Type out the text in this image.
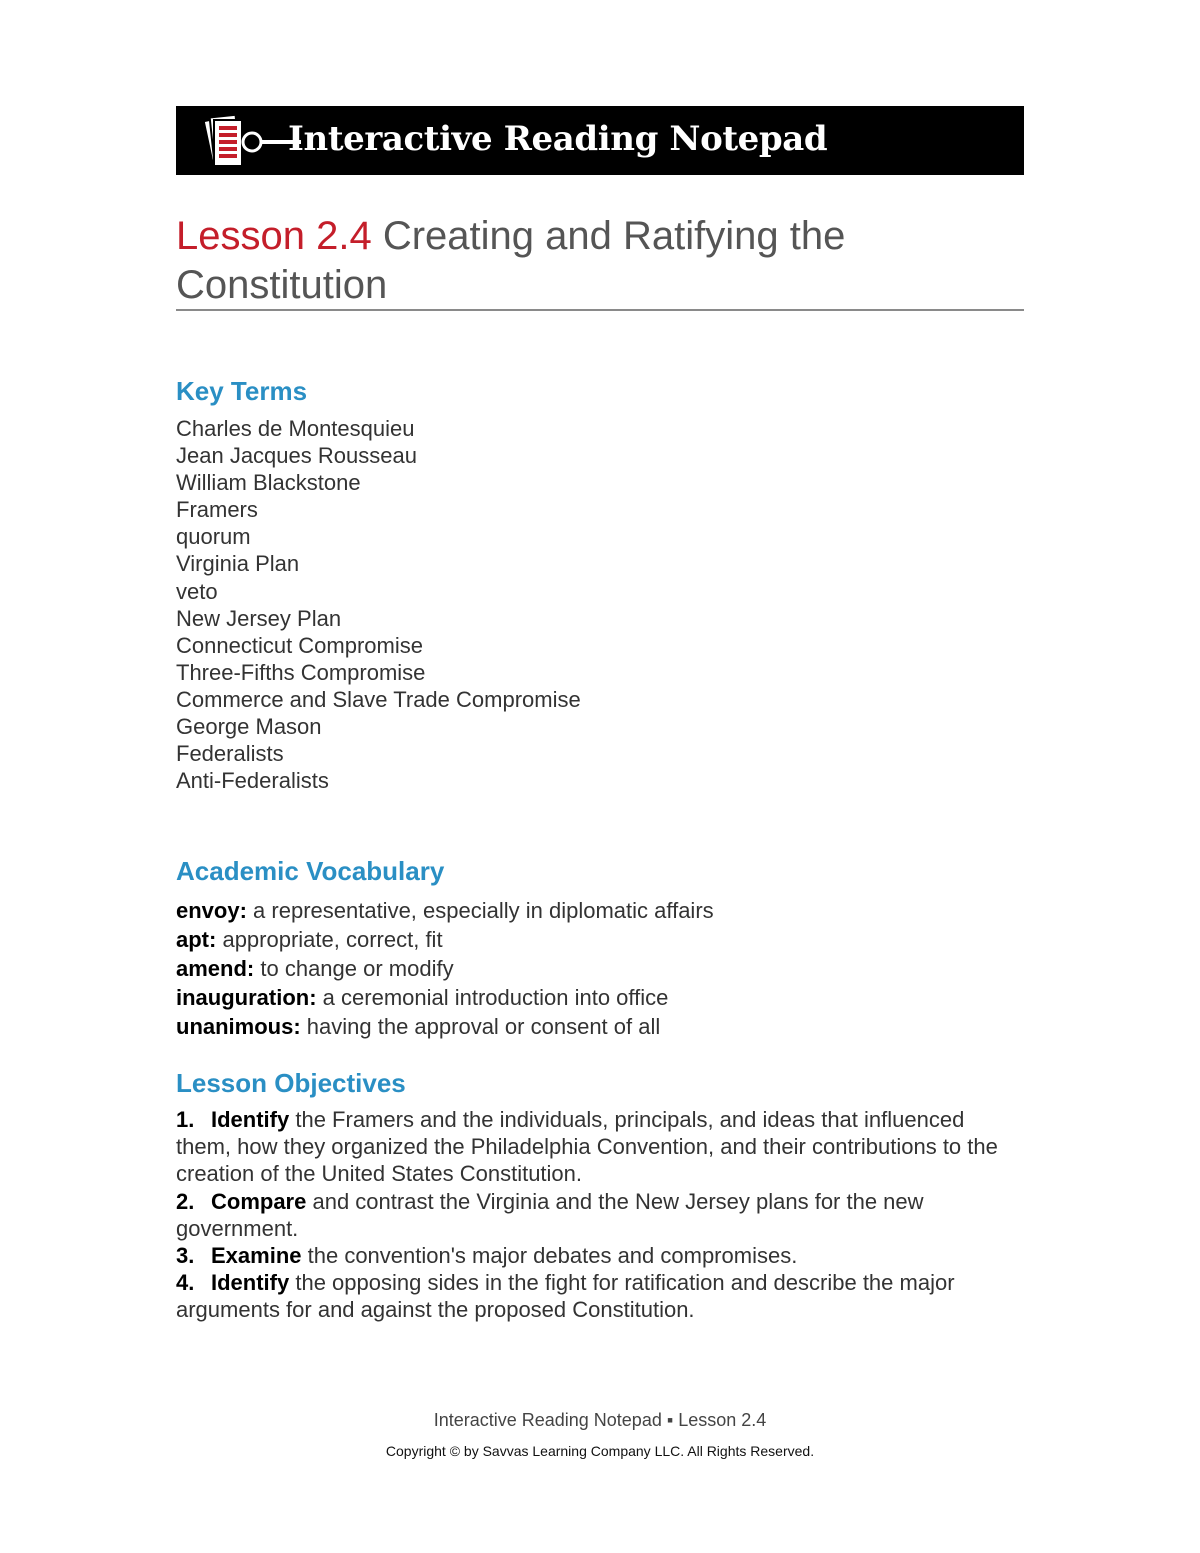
Interactive Reading Notepad
Lesson 2.4 Creating and Ratifying the Constitution
Key Terms
Charles de Montesquieu
Jean Jacques Rousseau
William Blackstone
Framers
quorum
Virginia Plan
veto
New Jersey Plan
Connecticut Compromise
Three-Fifths Compromise
Commerce and Slave Trade Compromise
George Mason
Federalists
Anti-Federalists
Academic Vocabulary
envoy: a representative, especially in diplomatic affairs
apt: appropriate, correct, fit
amend: to change or modify
inauguration: a ceremonial introduction into office
unanimous: having the approval or consent of all
Lesson Objectives
1. Identify the Framers and the individuals, principals, and ideas that influenced them, how they organized the Philadelphia Convention, and their contributions to the creation of the United States Constitution.
2. Compare and contrast the Virginia and the New Jersey plans for the new government.
3. Examine the convention's major debates and compromises.
4. Identify the opposing sides in the fight for ratification and describe the major arguments for and against the proposed Constitution.
Interactive Reading Notepad ▪ Lesson 2.4
Copyright © by Savvas Learning Company LLC. All Rights Reserved.
